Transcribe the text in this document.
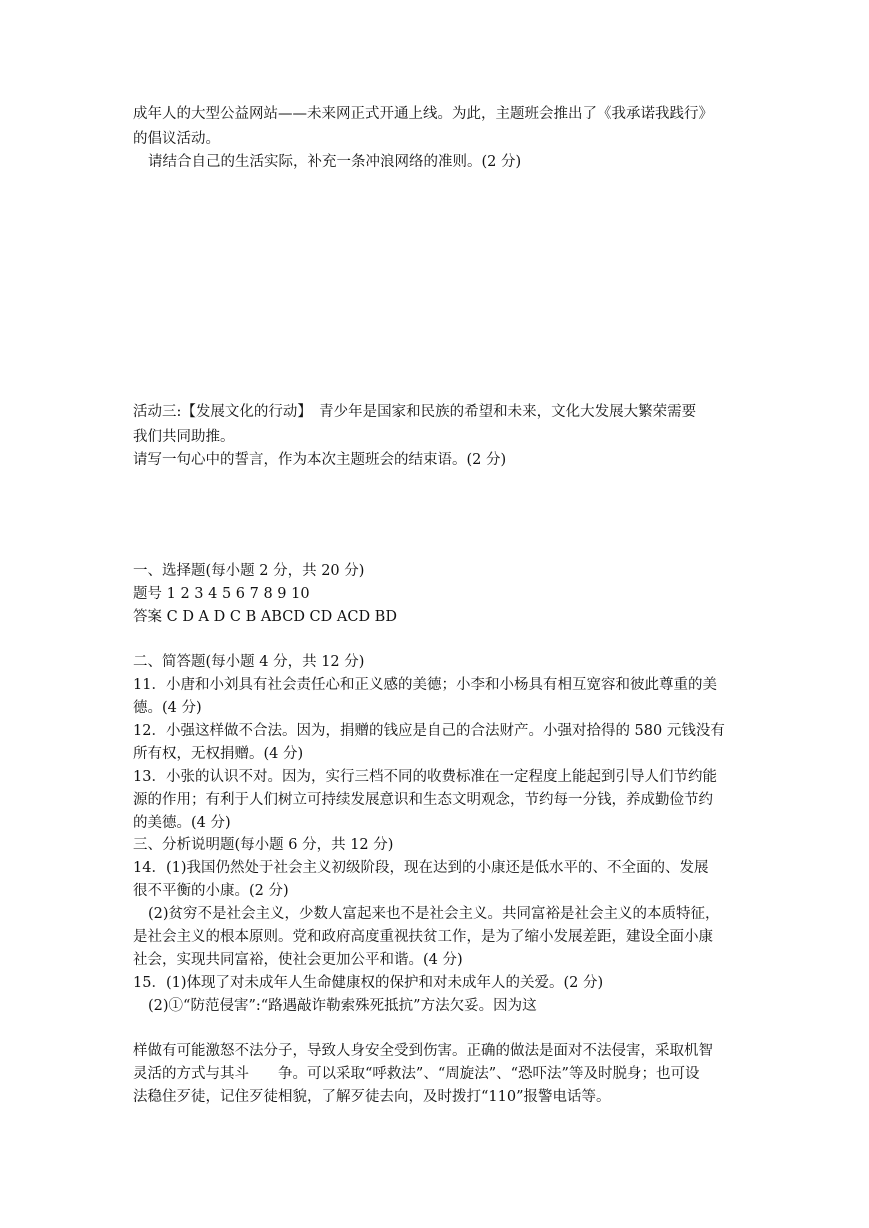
成年人的大型公益网站——未来网正式开通上线。为此，主题班会推出了《我承诺我践行》
的倡议活动。
请结合自己的生活实际，补充一条冲浪网络的准则。(2 分)
活动三:【发展文化的行动】　青少年是国家和民族的希望和未来，文化大发展大繁荣需要
我们共同助推。
请写一句心中的誓言，作为本次主题班会的结束语。(2 分)
一、选择题(每小题 2 分，共 20 分)
题号 1 2 3 4 5 6 7 8 9 10
答案 C D A D C B ABCD CD ACD BD
二、简答题(每小题 4 分，共 12 分)
11．小唐和小刘具有社会责任心和正义感的美德；小李和小杨具有相互宽容和彼此尊重的美
德。(4 分)
12．小强这样做不合法。因为，捐赠的钱应是自己的合法财产。小强对拾得的 580 元钱没有
所有权，无权捐赠。(4 分)
13．小张的认识不对。因为，实行三档不同的收费标准在一定程度上能起到引导人们节约能
源的作用；有利于人们树立可持续发展意识和生态文明观念，节约每一分钱，养成勤俭节约
的美德。(4 分)
三、分析说明题(每小题 6 分，共 12 分)
14．(1)我国仍然处于社会主义初级阶段，现在达到的小康还是低水平的、不全面的、发展
很不平衡的小康。(2 分)
(2)贫穷不是社会主义，少数人富起来也不是社会主义。共同富裕是社会主义的本质特征，
是社会主义的根本原则。党和政府高度重视扶贫工作，是为了缩小发展差距，建设全面小康
社会，实现共同富裕，使社会更加公平和谐。(4 分)
15．(1)体现了对未成年人生命健康权的保护和对未成年人的关爱。(2 分)
(2)①“防范侵害”:“路遇敲诈勒索殊死抵抗”方法欠妥。因为这
样做有可能激怒不法分子，导致人身安全受到伤害。正确的做法是面对不法侵害，采取机智
灵活的方式与其斗　　争。可以采取“呼救法”、“周旋法”、“恐吓法”等及时脱身；也可设
法稳住歹徒，记住歹徒相貌，了解歹徒去向，及时拨打“110”报警电话等。
